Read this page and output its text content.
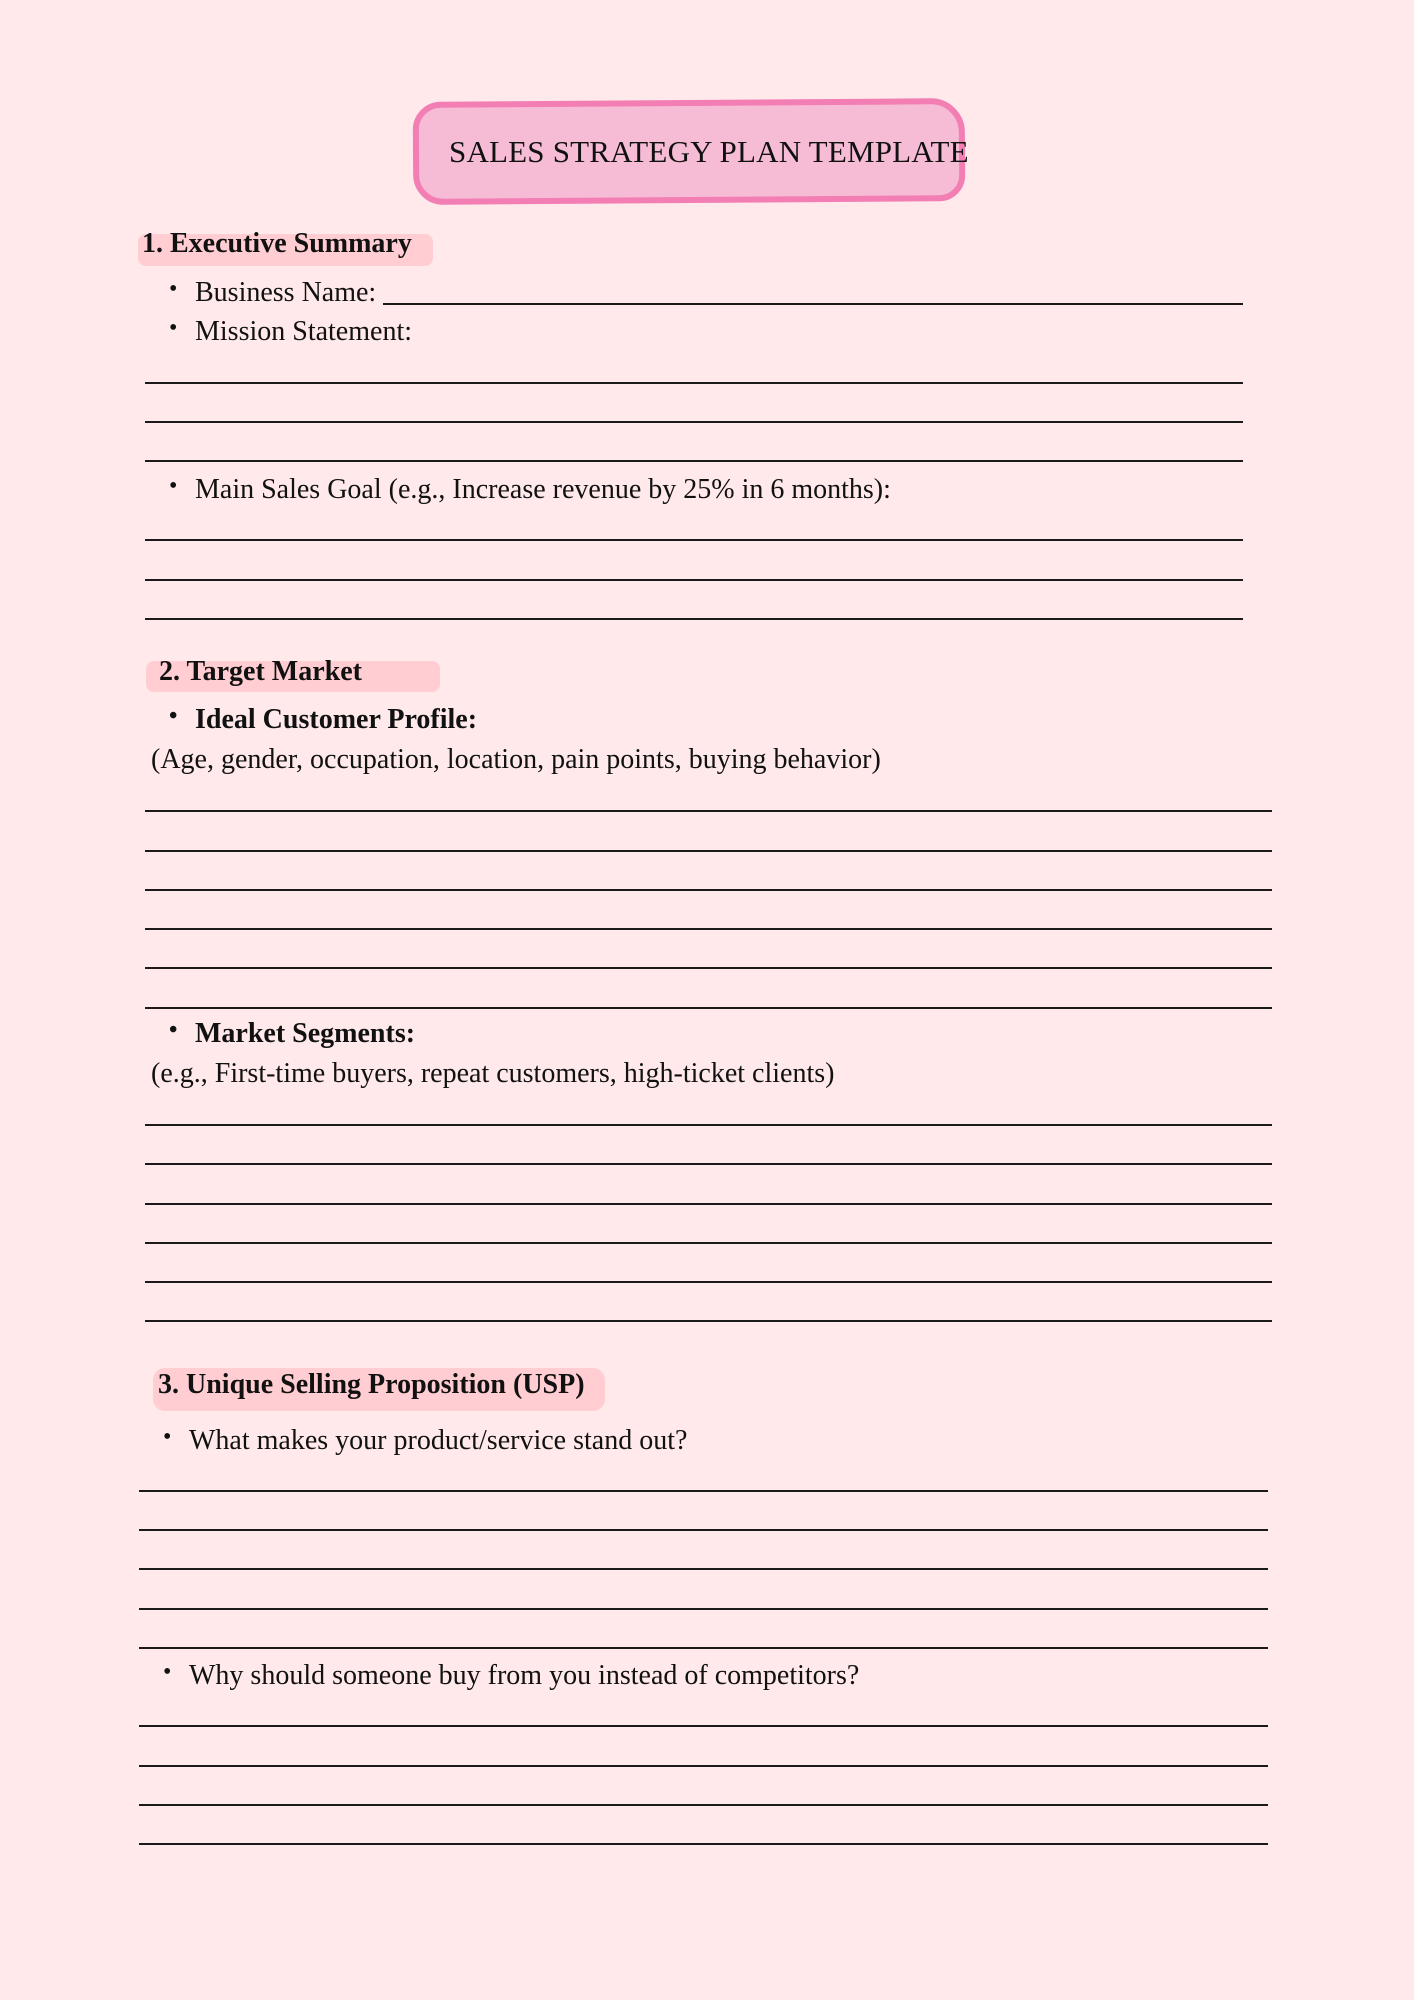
SALES STRATEGY PLAN TEMPLATE
1. Executive Summary
• Business Name:
• Mission Statement:
• Main Sales Goal (e.g., Increase revenue by 25% in 6 months):
2. Target Market
• Ideal Customer Profile:
(Age, gender, occupation, location, pain points, buying behavior)
• Market Segments:
(e.g., First-time buyers, repeat customers, high-ticket clients)
3. Unique Selling Proposition (USP)
• What makes your product/service stand out?
• Why should someone buy from you instead of competitors?
